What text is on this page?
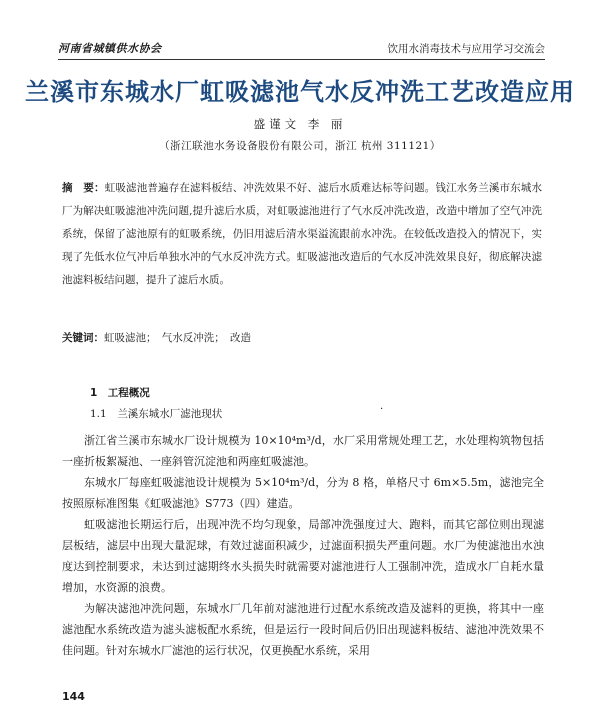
河南省城镇供水协会	饮用水消毒技术与应用学习交流会
兰溪市东城水厂虹吸滤池气水反冲洗工艺改造应用
盛谨文 李 丽
（浙江联池水务设备股份有限公司，浙江 杭州 311121）
摘　要：虹吸滤池普遍存在滤料板结、冲洗效果不好、滤后水质难达标等问题。钱江水务兰溪市东城水厂为解决虹吸滤池冲洗问题,提升滤后水质，对虹吸滤池进行了气水反冲洗改造，改造中增加了空气冲洗系统，保留了滤池原有的虹吸系统，仍旧用滤后清水渠溢流跟前水冲洗。在较低改造投入的情况下，实现了先低水位气冲后单独水冲的气水反冲洗方式。虹吸滤池改造后的气水反冲洗效果良好，彻底解决滤池滤料板结问题，提升了滤后水质。
关键词：虹吸滤池；　气水反冲洗；　改造
1　工程概况
1.1　兰溪东城水厂滤池现状	·

浙江省兰溪市东城水厂设计规模为 10×10⁴m³/d，水厂采用常规处理工艺，水处理构筑物包括一座折板絮凝池、一座斜管沉淀池和两座虹吸滤池。

东城水厂每座虹吸滤池设计规模为 5×10⁴m³/d，分为 8 格，单格尺寸 6m×5.5m，滤池完全按照原标准图集《虹吸滤池》S773（四）建造。

虹吸滤池长期运行后，出现冲洗不均匀现象，局部冲洗强度过大、跑料，而其它部位则出现滤层板结，滤层中出现大量泥球，有效过滤面积减少，过滤面积损失严重问题。水厂为使滤池出水浊度达到控制要求，未达到过滤期终水头损失时就需要对滤池进行人工强制冲洗，造成水厂自耗水量增加，水资源的浪费。

为解决滤池冲洗问题，东城水厂几年前对滤池进行过配水系统改造及滤料的更换，将其中一座滤池配水系统改造为滤头滤板配水系统，但是运行一段时间后仍旧出现滤料板结、滤池冲洗效果不佳问题。针对东城水厂滤池的运行状况，仅更换配水系统，采用

144
